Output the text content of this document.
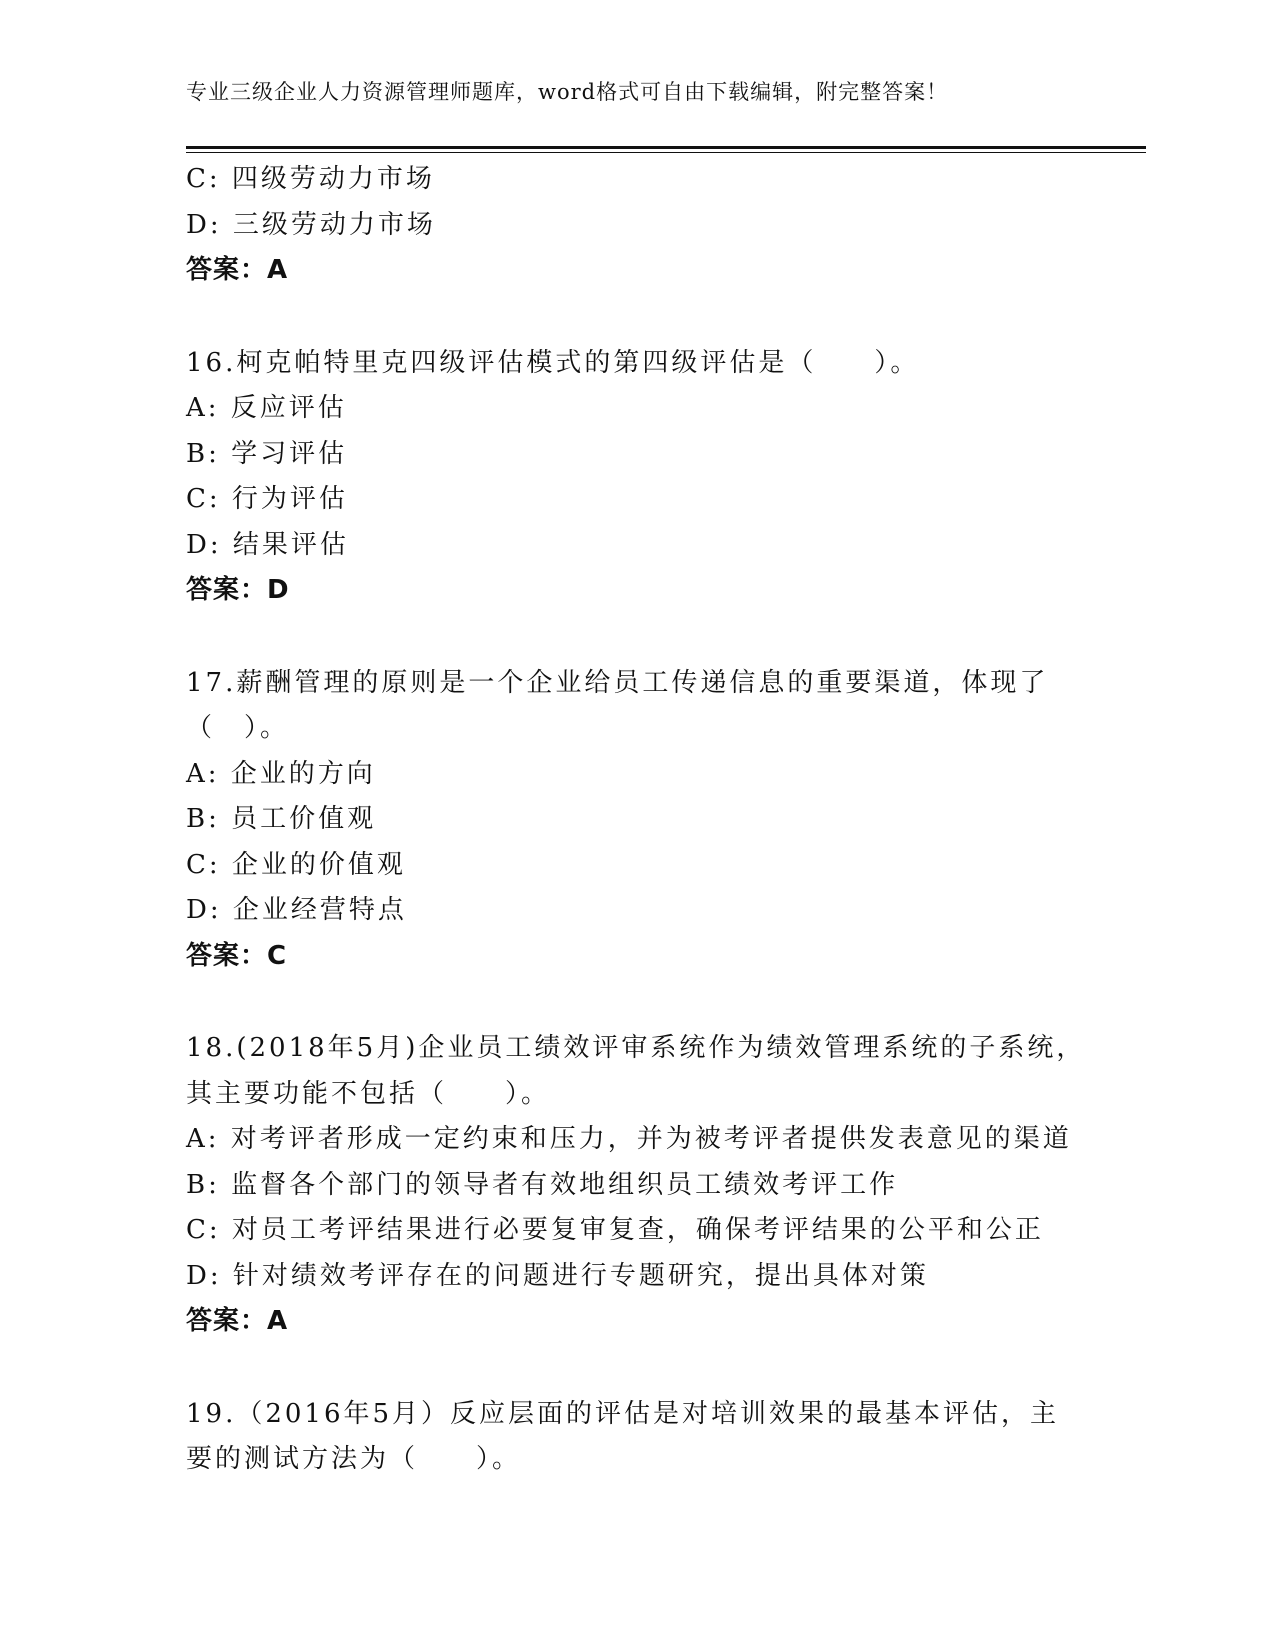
专业三级企业人力资源管理师题库，word格式可自由下载编辑，附完整答案！
C: 四级劳动力市场
D: 三级劳动力市场
答案：A
16.柯克帕特里克四级评估模式的第四级评估是（　　）。
A: 反应评估
B: 学习评估
C: 行为评估
D: 结果评估
答案：D
17.薪酬管理的原则是一个企业给员工传递信息的重要渠道，体现了（　）。
A: 企业的方向
B: 员工价值观
C: 企业的价值观
D: 企业经营特点
答案：C
18.(2018年5月)企业员工绩效评审系统作为绩效管理系统的子系统，其主要功能不包括（　　）。
A: 对考评者形成一定约束和压力，并为被考评者提供发表意见的渠道
B: 监督各个部门的领导者有效地组织员工绩效考评工作
C: 对员工考评结果进行必要复审复查，确保考评结果的公平和公正
D: 针对绩效考评存在的问题进行专题研究，提出具体对策
答案：A
19.（2016年5月）反应层面的评估是对培训效果的最基本评估，主要的测试方法为（　　）。
